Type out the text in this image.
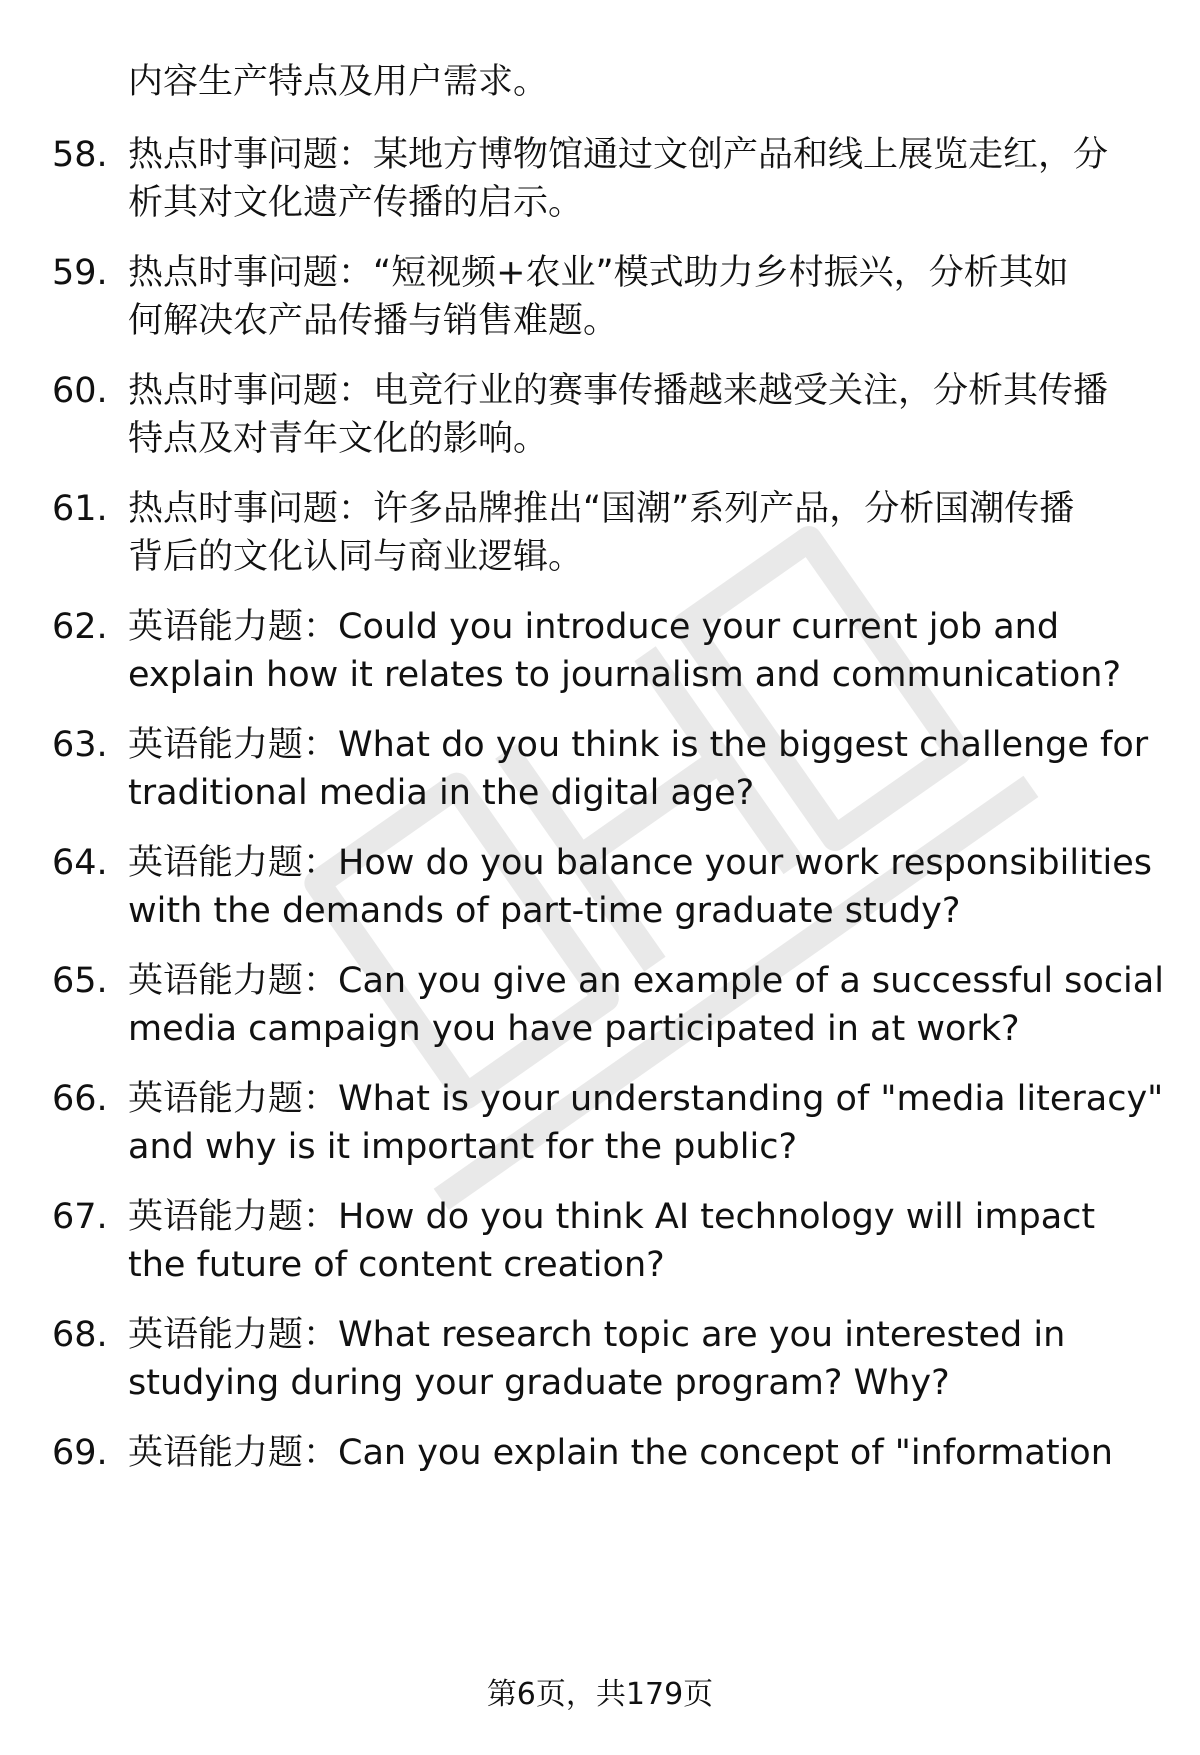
内容生产特点及用户需求。
58. 热点时事问题：某地方博物馆通过文创产品和线上展览走红，分
析其对文化遗产传播的启示。
59. 热点时事问题：“短视频+农业”模式助力乡村振兴，分析其如
何解决农产品传播与销售难题。
60. 热点时事问题：电竞行业的赛事传播越来越受关注，分析其传播
特点及对青年文化的影响。
61. 热点时事问题：许多品牌推出“国潮”系列产品，分析国潮传播
背后的文化认同与商业逻辑。
62. 英语能力题：Could you introduce your current job and
explain how it relates to journalism and communication?
63. 英语能力题：What do you think is the biggest challenge for
traditional media in the digital age?
64. 英语能力题：How do you balance your work responsibilities
with the demands of part-time graduate study?
65. 英语能力题：Can you give an example of a successful social
media campaign you have participated in at work?
66. 英语能力题：What is your understanding of "media literacy"
and why is it important for the public?
67. 英语能力题：How do you think AI technology will impact
the future of content creation?
68. 英语能力题：What research topic are you interested in
studying during your graduate program? Why?
69. 英语能力题：Can you explain the concept of "information
第6页，共179页
